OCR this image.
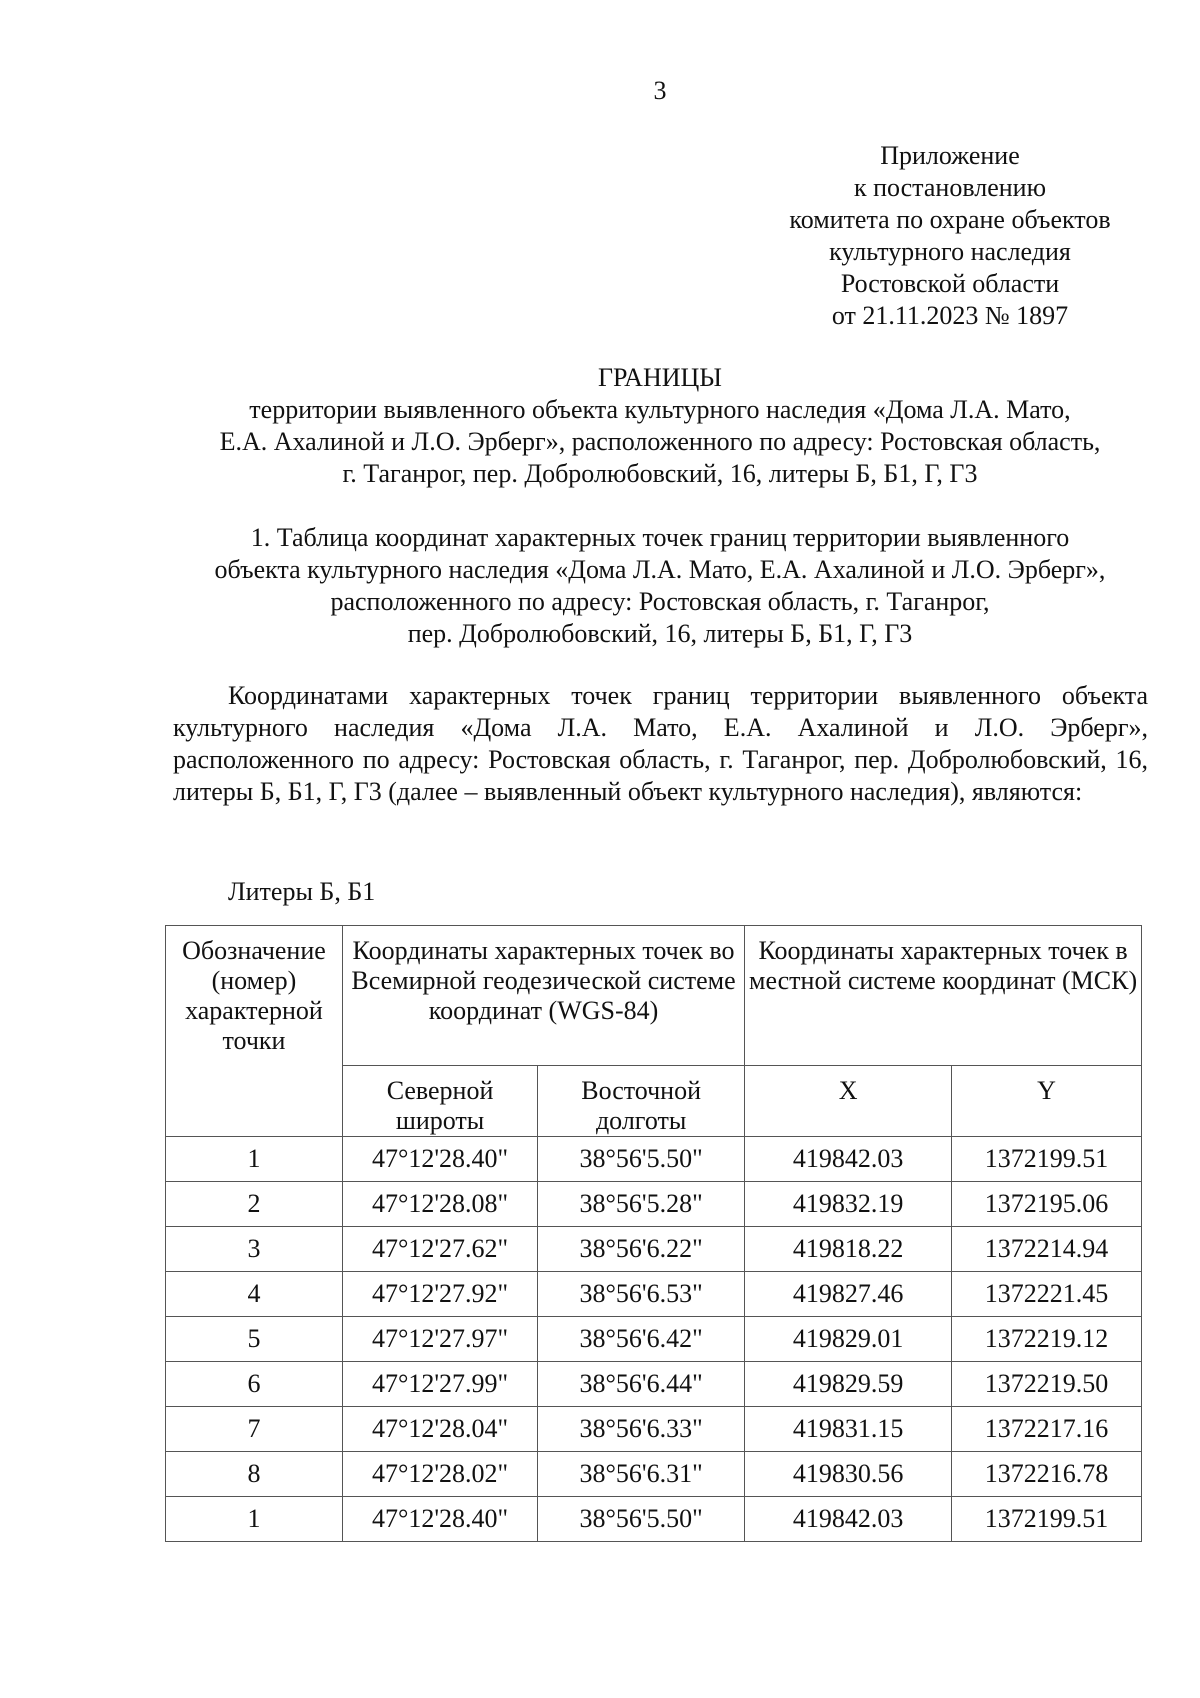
3
Приложение
к постановлению
комитета по охране объектов
культурного наследия
Ростовской области
от 21.11.2023 № 1897
ГРАНИЦЫ
территории выявленного объекта культурного наследия «Дома Л.А. Мато,
Е.А. Ахалиной и Л.О. Эрберг», расположенного по адресу: Ростовская область,
г. Таганрог, пер. Добролюбовский, 16, литеры Б, Б1, Г, Г3
1. Таблица координат характерных точек границ территории выявленного
объекта культурного наследия «Дома Л.А. Мато, Е.А. Ахалиной и Л.О. Эрберг»,
расположенного по адресу: Ростовская область, г. Таганрог,
пер. Добролюбовский, 16, литеры Б, Б1, Г, Г3
Координатами характерных точек границ территории выявленного объекта культурного наследия «Дома Л.А. Мато, Е.А. Ахалиной и Л.О. Эрберг», расположенного по адресу: Ростовская область, г. Таганрог, пер. Добролюбовский, 16, литеры Б, Б1, Г, Г3 (далее – выявленный объект культурного наследия), являются:
Литеры Б, Б1
Обозначение (номер) характерной точки	Координаты характерных точек во Всемирной геодезической системе координат (WGS-84)		Координаты характерных точек в местной системе координат (МСК)	
	Северной широты	Восточной долготы	X	Y
1	47°12'28.40"	38°56'5.50"	419842.03	1372199.51
2	47°12'28.08"	38°56'5.28"	419832.19	1372195.06
3	47°12'27.62"	38°56'6.22"	419818.22	1372214.94
4	47°12'27.92"	38°56'6.53"	419827.46	1372221.45
5	47°12'27.97"	38°56'6.42"	419829.01	1372219.12
6	47°12'27.99"	38°56'6.44"	419829.59	1372219.50
7	47°12'28.04"	38°56'6.33"	419831.15	1372217.16
8	47°12'28.02"	38°56'6.31"	419830.56	1372216.78
1	47°12'28.40"	38°56'5.50"	419842.03	1372199.51
